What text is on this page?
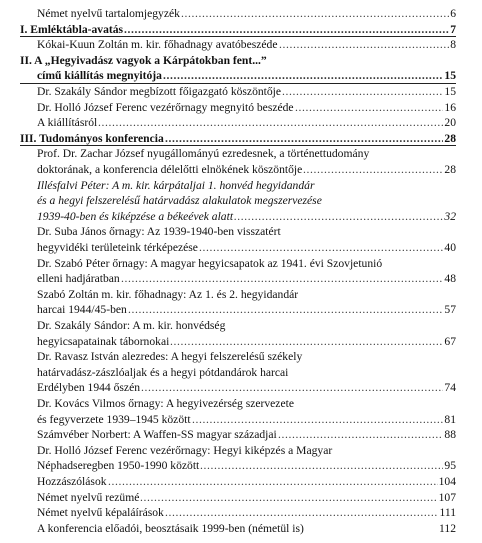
Német nyelvű tartalomjegyzék .....	6
I. Emléktábla-avatás .....	7
Kókai-Kuun Zoltán m. kir. főhadnagy avatóbeszéde .....	8
II. A „Hegyivadász vagyok a Kárpátokban fent...”
című kiállítás megnyitója .....	15
Dr. Szakály Sándor megbízott főigazgató köszöntője .....	15
Dr. Holló József Ferenc vezérőrnagy megnyitó beszéde .....	16
A kiállításról .....	20
III. Tudományos konferencia .....	28
Prof. Dr. Zachar József nyugállományú ezredesnek, a történettudomány
doktorának, a konferencia délelőtti elnökének köszöntője .....	28
Illésfalvi Péter: A m. kir. kárpátaljai 1. honvéd hegyidandár
és a hegyi felszerelésű határvadász alakulatok megszervezése
1939-40-ben és kiképzése a békeévek alatt .....	32
Dr. Suba János őrnagy: Az 1939-1940-ben visszatért
hegyvidéki területeink térképezése .....	40
Dr. Szabó Péter őrnagy: A magyar hegyicsapatok az 1941. évi Szovjetunió
elleni hadjáratban .....	48
Szabó Zoltán m. kir. főhadnagy: Az 1. és 2. hegyidandár
harcai 1944/45-ben .....	57
Dr. Szakály Sándor: A m. kir. honvédség
hegyicsapatainak tábornokai .....	67
Dr. Ravasz István alezredes: A hegyi felszerelésű székely
határvadász-zászlóaljak és a hegyi pótdandárok harcai
Erdélyben 1944 őszén .....	74
Dr. Kovács Vilmos őrnagy: A hegyivezérség szervezete
és fegyverzete 1939–1945 között .....	81
Számvéber Norbert: A Waffen-SS magyar századjai .....	88
Dr. Holló József Ferenc vezérőrnagy: Hegyi kiképzés a Magyar
Néphadseregben 1950-1990 között .....	95
Hozzászólások .....	104
Német nyelvű rezümé .....	107
Német nyelvű képaláírások .....	111
A konferencia előadói, beosztásaik 1999-ben (németül is)	112
